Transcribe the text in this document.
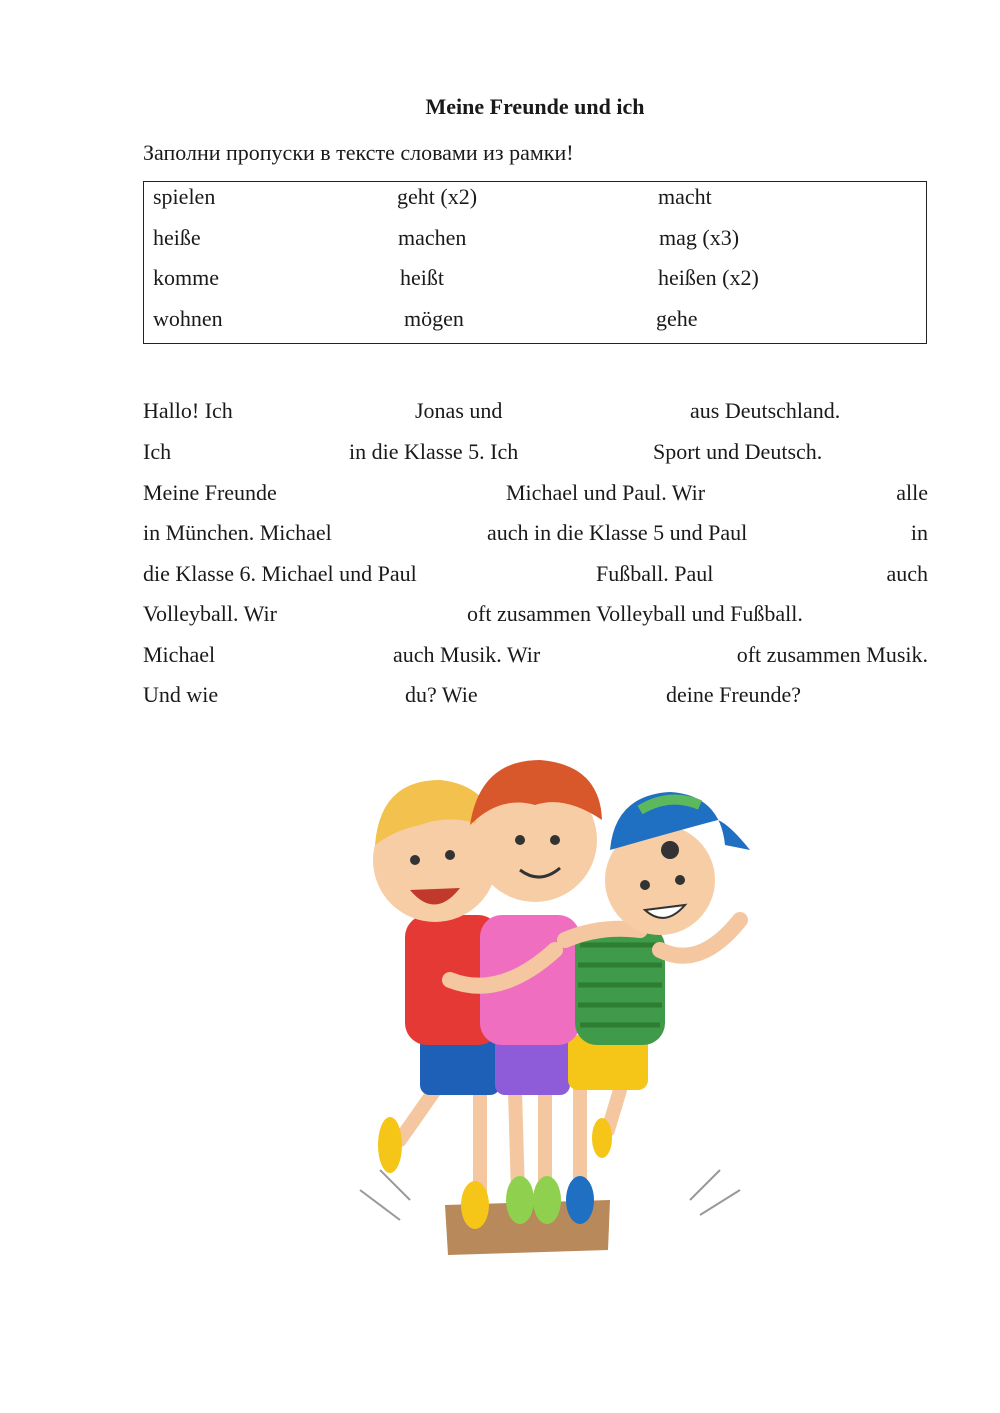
Meine Freunde und ich
Заполни пропуски в тексте словами из рамки!
spielen	geht (x2)	macht
heiße	machen	mag (x3)
komme	heißt	heißen (x2)
wohnen	mögen	gehe
Hallo! Ich	Jonas und	aus Deutschland.
Ich	in die Klasse 5. Ich	Sport und Deutsch.
Meine Freunde	Michael und Paul. Wir	alle
in München. Michael	auch in die Klasse 5 und Paul	in
die Klasse 6. Michael und Paul	Fußball. Paul	auch
Volleyball. Wir	oft zusammen Volleyball und Fußball.
Michael	auch Musik. Wir	oft zusammen Musik.
Und wie	du? Wie	deine Freunde?
